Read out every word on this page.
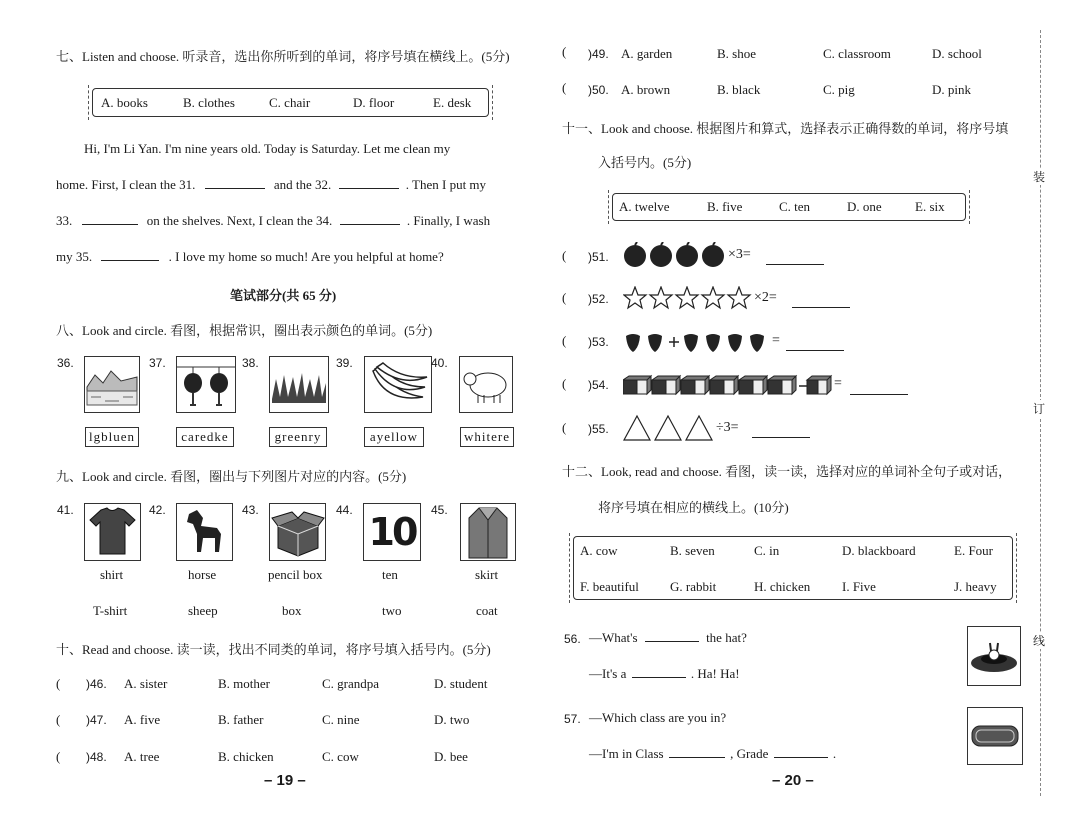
七、Listen and choose. 听录音，选出你所听到的单词，将序号填在横线上。(5分)
A. books	B. clothes	C. chair	D. floor	E. desk
Hi, I'm Li Yan. I'm nine years old. Today is Saturday. Let me clean my
home. First, I clean the 31.	and the 32.	. Then I put my
33.	on the shelves. Next, I clean the 34.	. Finally, I wash
my 35.	. I love my home so much! Are you helpful at home?
笔试部分(共 65 分)
八、Look and circle. 看图，根据常识，圈出表示颜色的单词。(5分)
36.	37.	38.	39.	40.
lgbluen	caredke	greenry	ayellow	whitere
九、Look and circle. 看图，圈出与下列图片对应的内容。(5分)
41.	42.	43.	44. 10	45.
shirt	horse	pencil box	ten	skirt
T-shirt	sheep	box	two	coat
十、Read and choose. 读一读，找出不同类的单词，将序号填入括号内。(5分)
( )46. A. sister	B. mother	C. grandpa	D. student
( )47. A. five	B. father	C. nine	D. two
( )48. A. tree	B. chicken	C. cow	D. bee
– 19 –
( )49. A. garden	B. shoe	C. classroom	D. school
( )50. A. brown	B. black	C. pig	D. pink
十一、Look and choose. 根据图片和算式，选择表示正确得数的单词，将序号填
入括号内。(5分)
A. twelve	B. five	C. ten	D. one	E. six
( )51.	×3=
( )52.	×2=
( )53.	=
( )54.	=
( )55.	÷3=
十二、Look, read and choose. 看图，读一读，选择对应的单词补全句子或对话，
将序号填在相应的横线上。(10分)
A. cow	B. seven	C. in	D. blackboard	E. Four
F. beautiful G. rabbit	H. chicken I. Five	J. heavy
56. —What's	the hat?
—It's a	. Ha! Ha!
57. —Which class are you in?
—I'm in Class	, Grade	.
– 20 –
装
订
线
